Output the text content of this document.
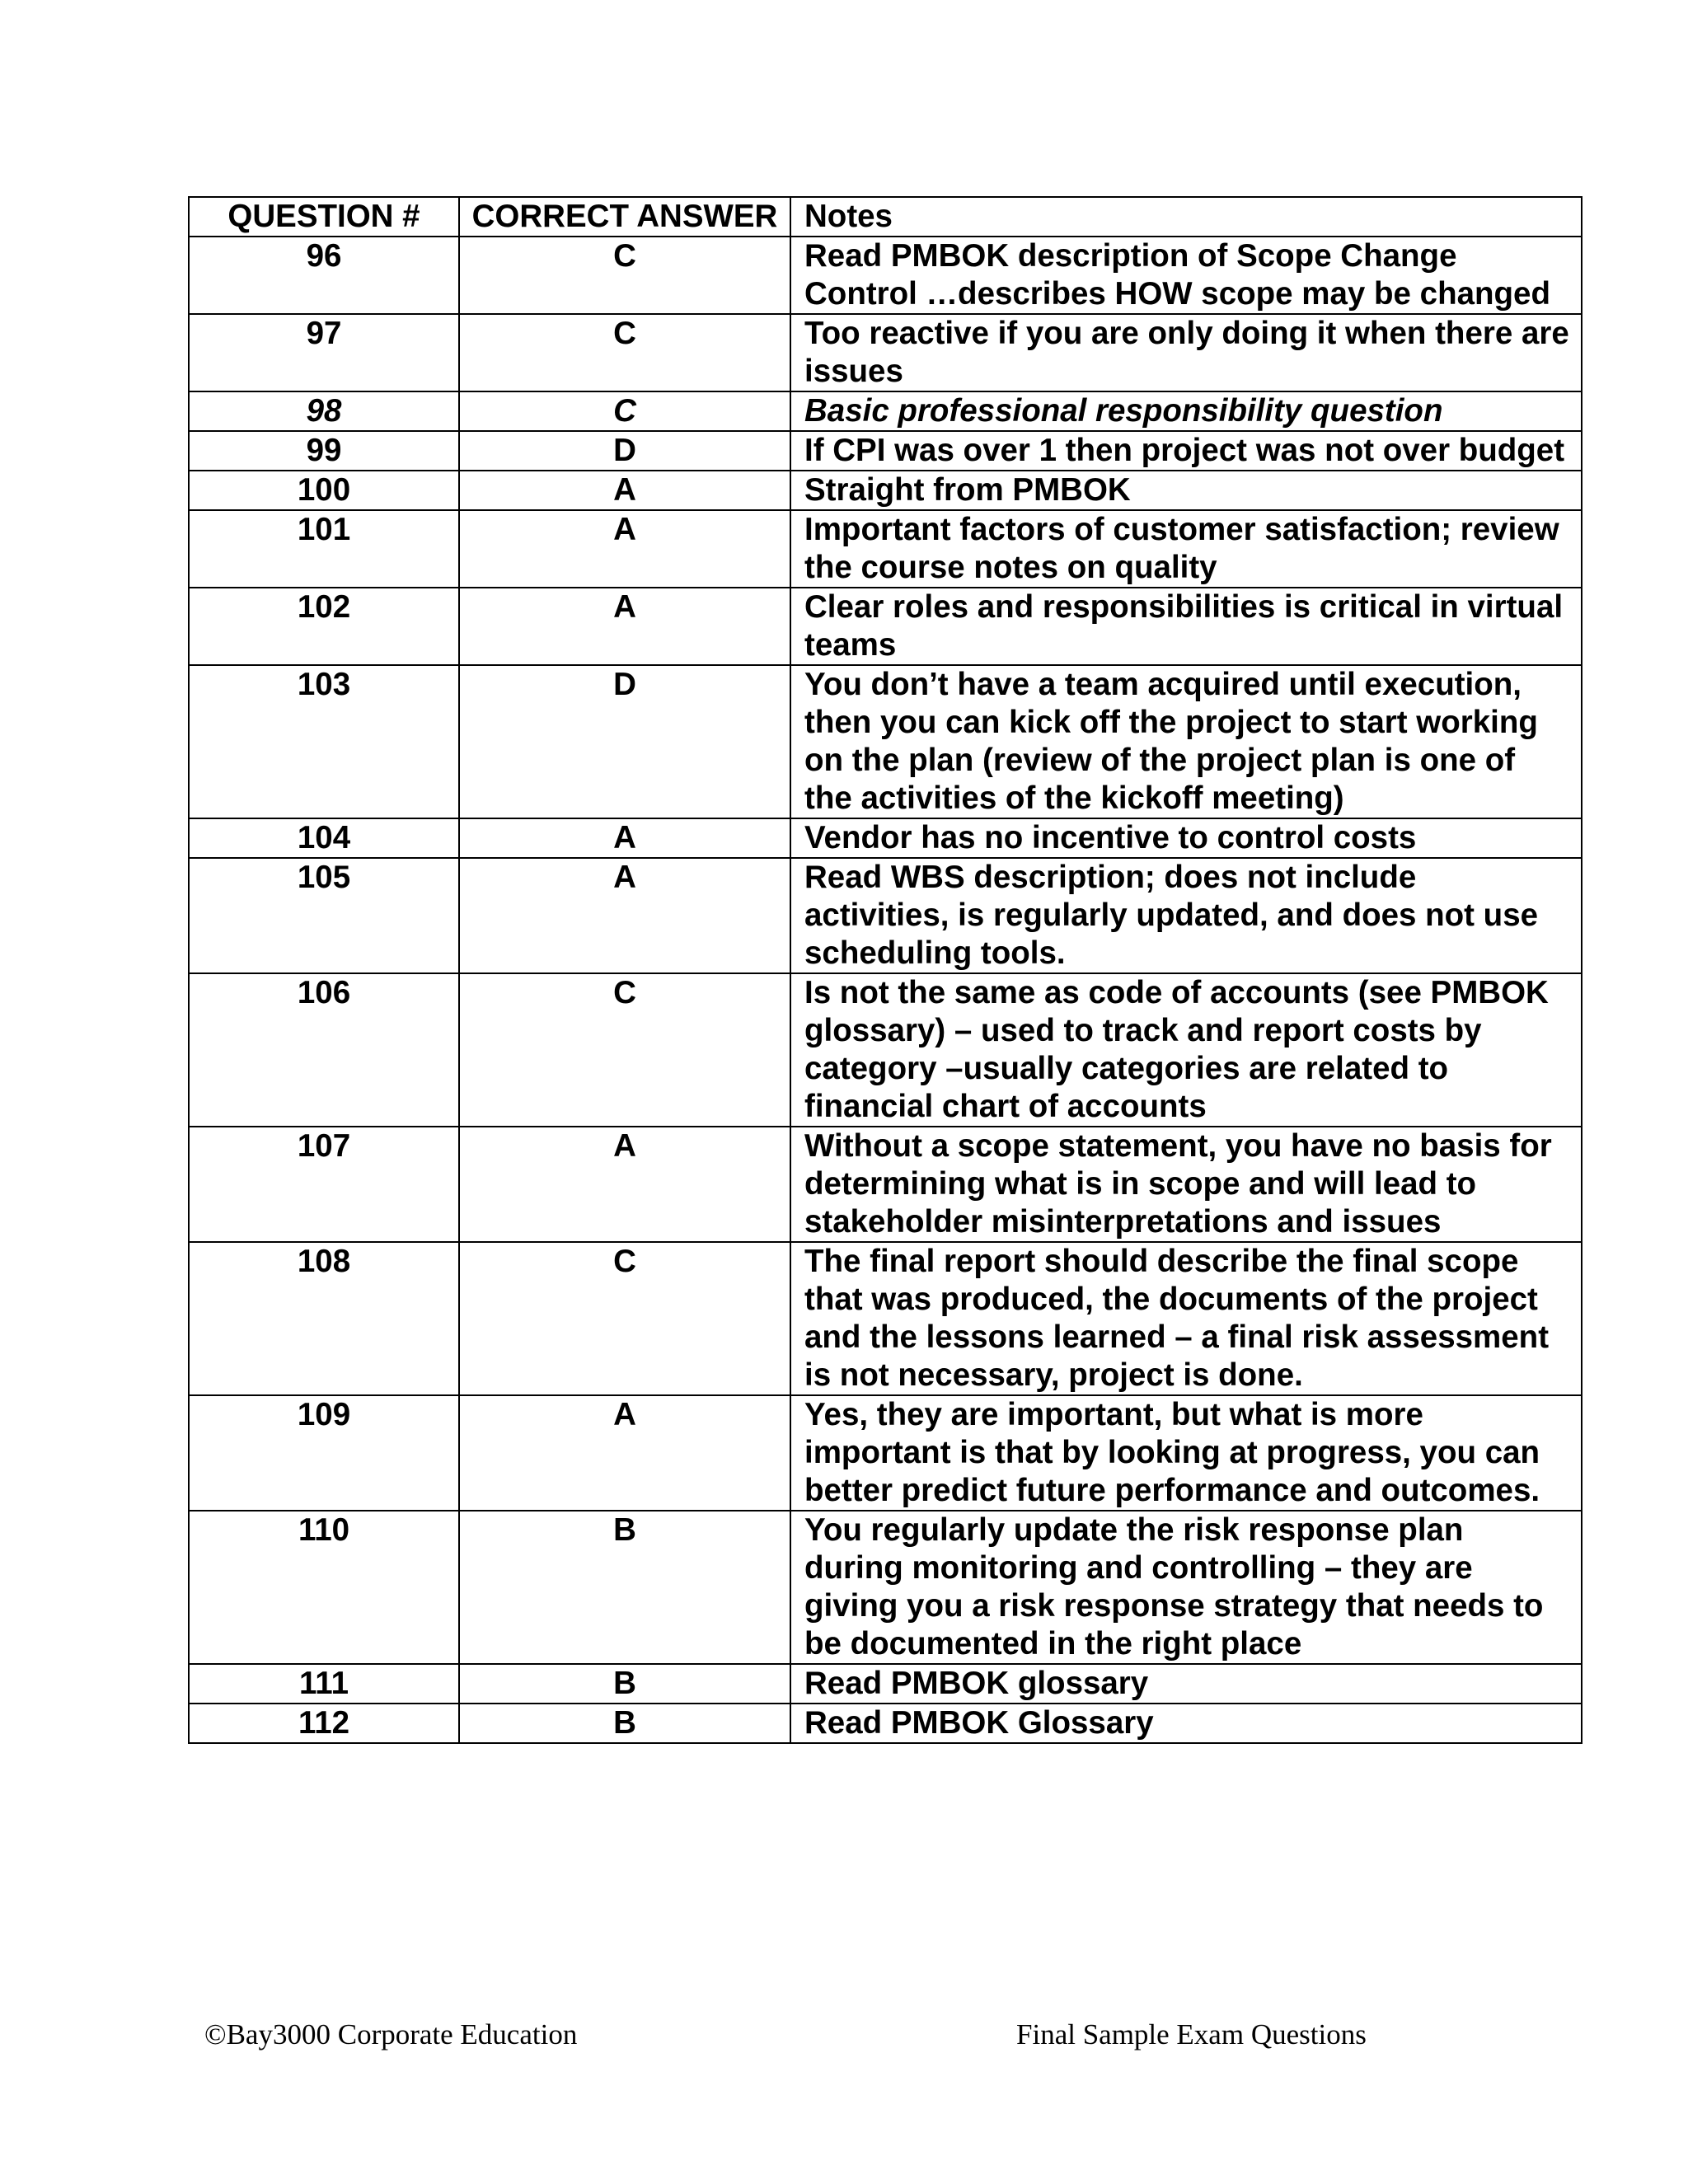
QUESTION #	CORRECT ANSWER	Notes
96	C	Read PMBOK description of Scope Change Control …describes HOW scope may be changed
97	C	Too reactive if you are only doing it when there are issues
98	C	Basic professional responsibility question
99	D	If CPI was over 1 then project was not over budget
100	A	Straight from PMBOK
101	A	Important factors of customer satisfaction; review the course notes on quality
102	A	Clear roles and responsibilities is critical in virtual teams
103	D	You don’t have a team acquired until execution, then you can kick off the project to start working on the plan (review of the project plan is one of the activities of the kickoff meeting)
104	A	Vendor has no incentive to control costs
105	A	Read WBS description; does not include activities, is regularly updated, and does not use scheduling tools.
106	C	Is not the same as code of accounts (see PMBOK glossary) – used to track and report costs by category –usually categories are related to financial chart of accounts
107	A	Without a scope statement, you have no basis for determining what is in scope and will lead to stakeholder misinterpretations and issues
108	C	The final report should describe the final scope that was produced, the documents of the project and the lessons learned – a final risk assessment is not necessary, project is done.
109	A	Yes, they are important, but what is more important is that by looking at progress, you can better predict future performance and outcomes.
110	B	You regularly update the risk response plan during monitoring and controlling – they are giving you a risk response strategy that needs to be documented in the right place
111	B	Read PMBOK glossary
112	B	Read PMBOK Glossary
©Bay3000 Corporate Education	Final Sample Exam Questions
